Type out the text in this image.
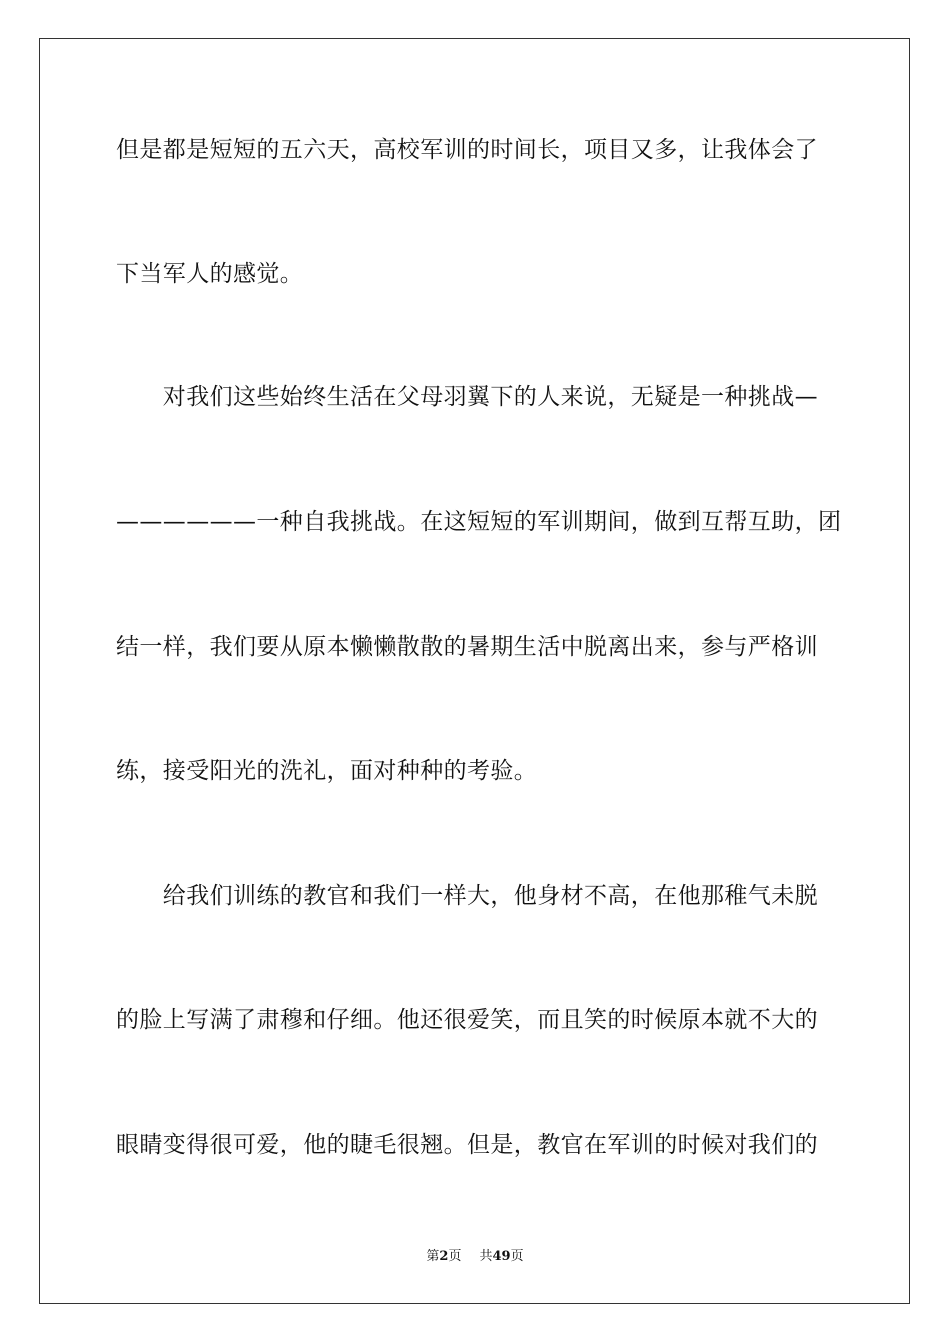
但是都是短短的五六天，高校军训的时间长，项目又多，让我体会了
下当军人的感觉。
　　对我们这些始终生活在父母羽翼下的人来说，无疑是一种挑战—
——————一种自我挑战。在这短短的军训期间，做到互帮互助，团
结一样，我们要从原本懒懒散散的暑期生活中脱离出来，参与严格训
练，接受阳光的洗礼，面对种种的考验。
　　给我们训练的教官和我们一样大，他身材不高，在他那稚气未脱
的脸上写满了肃穆和仔细。他还很爱笑，而且笑的时候原本就不大的
眼睛变得很可爱，他的睫毛很翘。但是，教官在军训的时候对我们的
第2页 共49页
